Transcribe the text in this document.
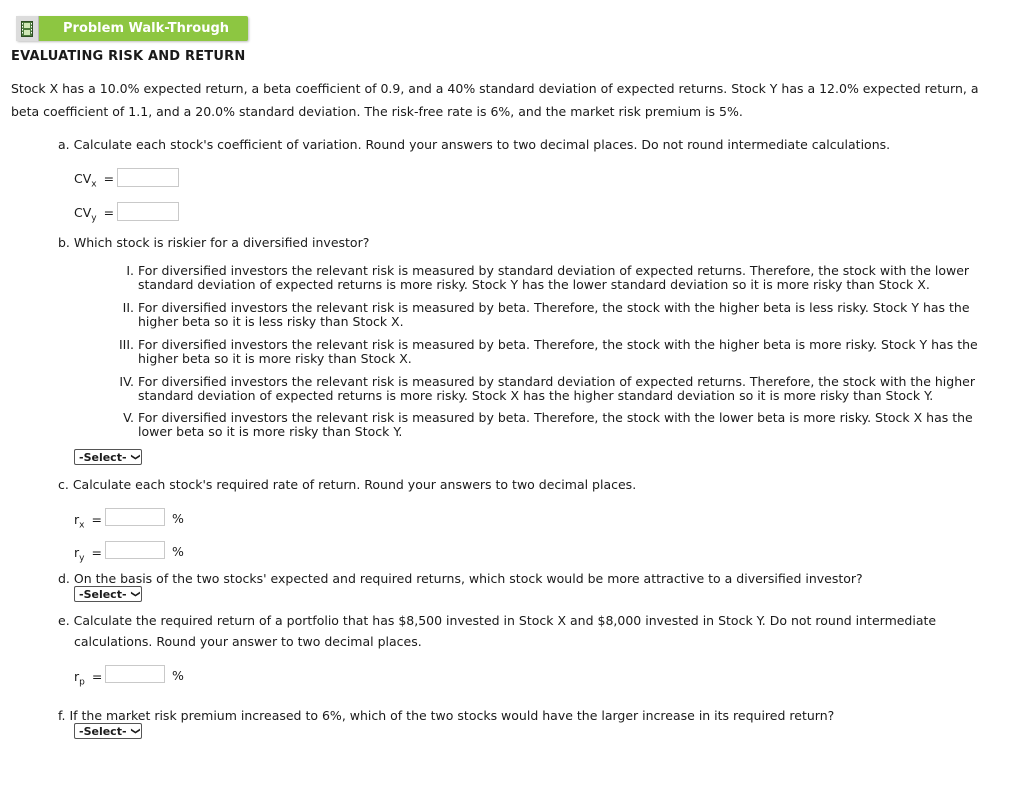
Problem Walk-Through
EVALUATING RISK AND RETURN
Stock X has a 10.0% expected return, a beta coefficient of 0.9, and a 40% standard deviation of expected returns. Stock Y has a 12.0% expected return, a
beta coefficient of 1.1, and a 20.0% standard deviation. The risk-free rate is 6%, and the market risk premium is 5%.
a. Calculate each stock's coefficient of variation. Round your answers to two decimal places. Do not round intermediate calculations.
$CV_x$ =
$CV_y$ =
b. Which stock is riskier for a diversified investor?
I. For diversified investors the relevant risk is measured by standard deviation of expected returns. Therefore, the stock with the lower
standard deviation of expected returns is more risky. Stock Y has the lower standard deviation so it is more risky than Stock X.
II. For diversified investors the relevant risk is measured by beta. Therefore, the stock with the higher beta is less risky. Stock Y has the
higher beta so it is less risky than Stock X.
III. For diversified investors the relevant risk is measured by beta. Therefore, the stock with the higher beta is more risky. Stock Y has the
higher beta so it is more risky than Stock X.
IV. For diversified investors the relevant risk is measured by standard deviation of expected returns. Therefore, the stock with the higher
standard deviation of expected returns is more risky. Stock X has the higher standard deviation so it is more risky than Stock Y.
V. For diversified investors the relevant risk is measured by beta. Therefore, the stock with the lower beta is more risky. Stock X has the
lower beta so it is more risky than Stock Y.
-Select- ❯
c. Calculate each stock's required rate of return. Round your answers to two decimal places.
$r_x$ =	%
$r_y$ =	%
d. On the basis of the two stocks' expected and required returns, which stock would be more attractive to a diversified investor?
-Select- ❯
e. Calculate the required return of a portfolio that has $8,500 invested in Stock X and $8,000 invested in Stock Y. Do not round intermediate
calculations. Round your answer to two decimal places.
$r_p$ =	%
f. If the market risk premium increased to 6%, which of the two stocks would have the larger increase in its required return?
-Select- ❯
